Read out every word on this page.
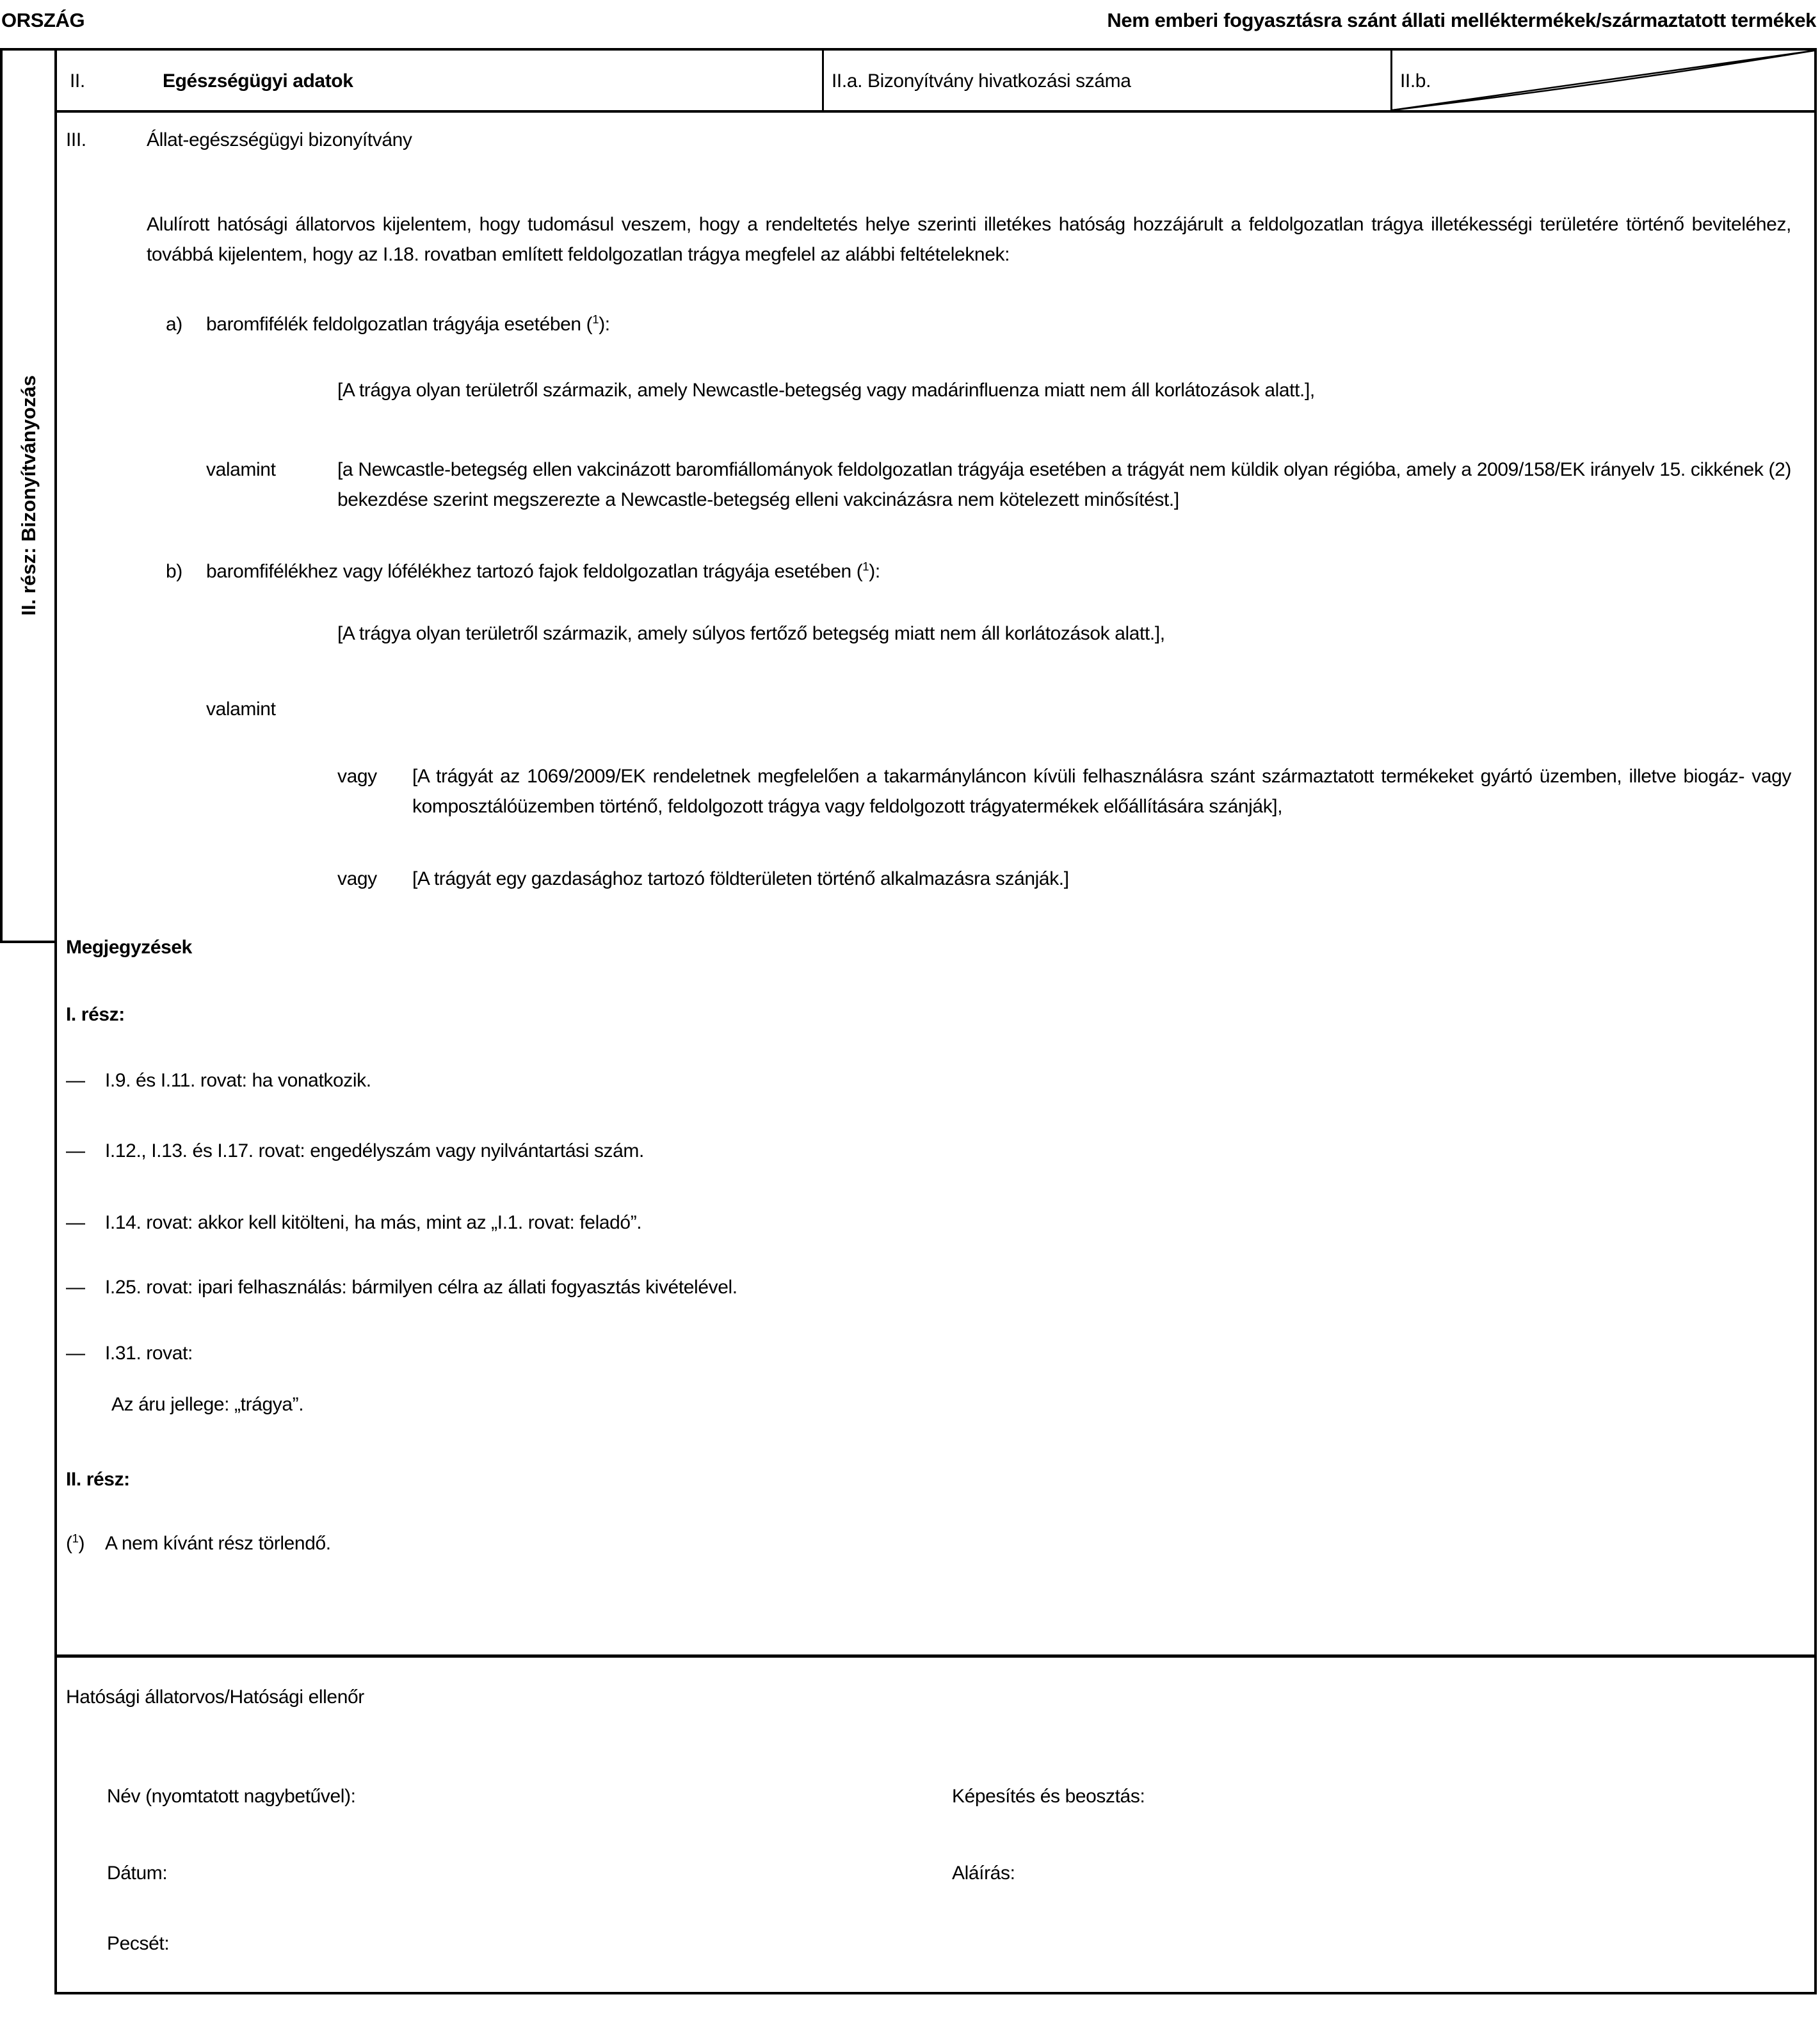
ORSZÁG	Nem emberi fogyasztásra szánt állati melléktermékek/származtatott termékek
II. rész: Bizonyítványozás
II.	Egészségügyi adatok	II.a. Bizonyítvány hivatkozási száma	II.b.
III.	Állat-egészségügyi bizonyítvány

Alulírott hatósági állatorvos kijelentem, hogy tudomásul veszem, hogy a rendeltetés helye szerinti illetékes hatóság hozzájárult a feldolgozatlan trágya illetékességi területére történő beviteléhez, továbbá kijelentem, hogy az I.18. rovatban említett feldolgozatlan trágya megfelel az alábbi feltételeknek:

a)	baromfifélék feldolgozatlan trágyája esetében ($^1$):
[A trágya olyan területről származik, amely Newcastle-betegség vagy madárinfluenza miatt nem áll korlátozások alatt.],
valamint	[a Newcastle-betegség ellen vakcinázott baromfiállományok feldolgozatlan trágyája esetében a trágyát nem küldik olyan régióba, amely a 2009/158/EK irányelv 15. cikkének (2) bekezdése szerint megszerezte a Newcastle-betegség elleni vakcinázásra nem kötelezett minősítést.]
b)	baromfifélékhez vagy lófélékhez tartozó fajok feldolgozatlan trágyája esetében ($^1$):
[A trágya olyan területről származik, amely súlyos fertőző betegség miatt nem áll korlátozások alatt.],
valamint
vagy	[A trágyát az 1069/2009/EK rendeletnek megfelelően a takarmányláncon kívüli felhasználásra szánt származtatott termékeket gyártó üzemben, illetve biogáz- vagy komposztálóüzemben történő, feldolgozott trágya vagy feldolgozott trágyatermékek előállítására szánják],
vagy	[A trágyát egy gazdasághoz tartozó földterületen történő alkalmazásra szánják.]
Megjegyzések
I. rész:
—	I.9. és I.11. rovat: ha vonatkozik.
—	I.12., I.13. és I.17. rovat: engedélyszám vagy nyilvántartási szám.
—	I.14. rovat: akkor kell kitölteni, ha más, mint az „I.1. rovat: feladó”.
—	I.25. rovat: ipari felhasználás: bármilyen célra az állati fogyasztás kivételével.
—	I.31. rovat:
Az áru jellege: „trágya”.
II. rész:
($^1$)	A nem kívánt rész törlendő.
Hatósági állatorvos/Hatósági ellenőr
Név (nyomtatott nagybetűvel):	Képesítés és beosztás:
Dátum:	Aláírás:
Pecsét:
